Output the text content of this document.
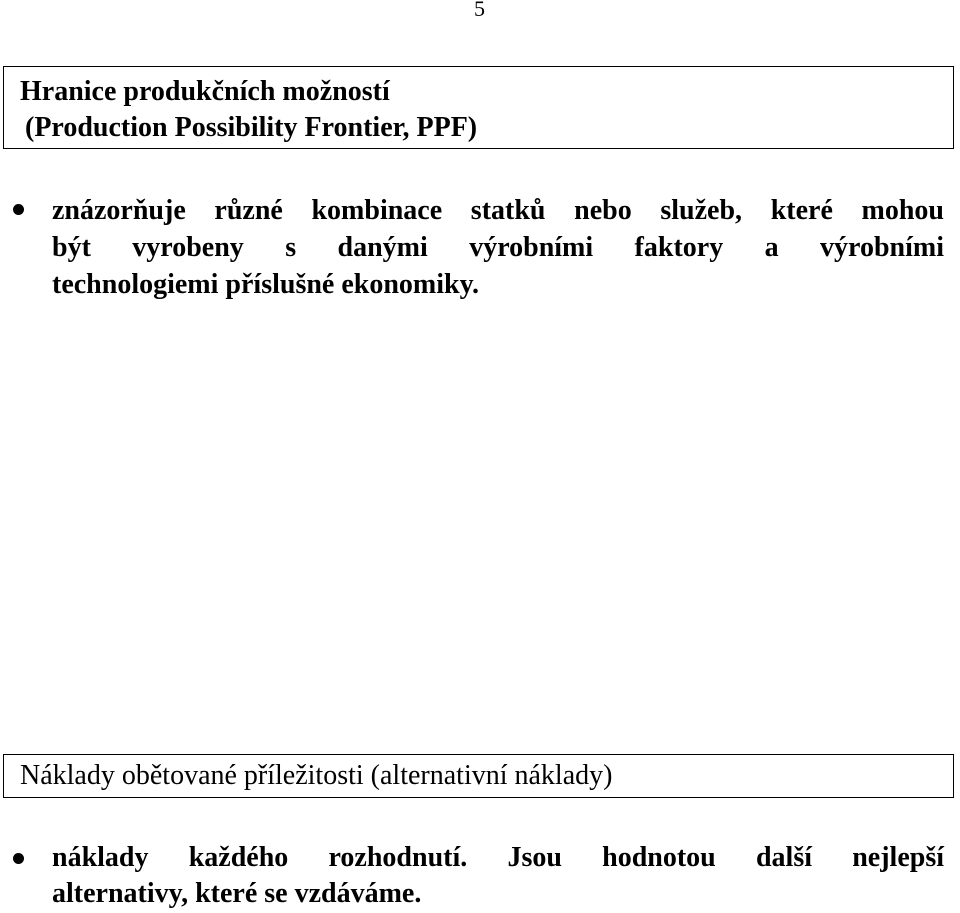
5
Hranice produkčních možností
(Production Possibility Frontier, PPF)
znázorňuje různé kombinace statků nebo služeb, které mohou
být vyrobeny s danými výrobními faktory a výrobními
technologiemi příslušné ekonomiky.
Náklady obětované příležitosti (alternativní náklady)
náklady každého rozhodnutí. Jsou hodnotou další nejlepší
alternativy, které se vzdáváme.
